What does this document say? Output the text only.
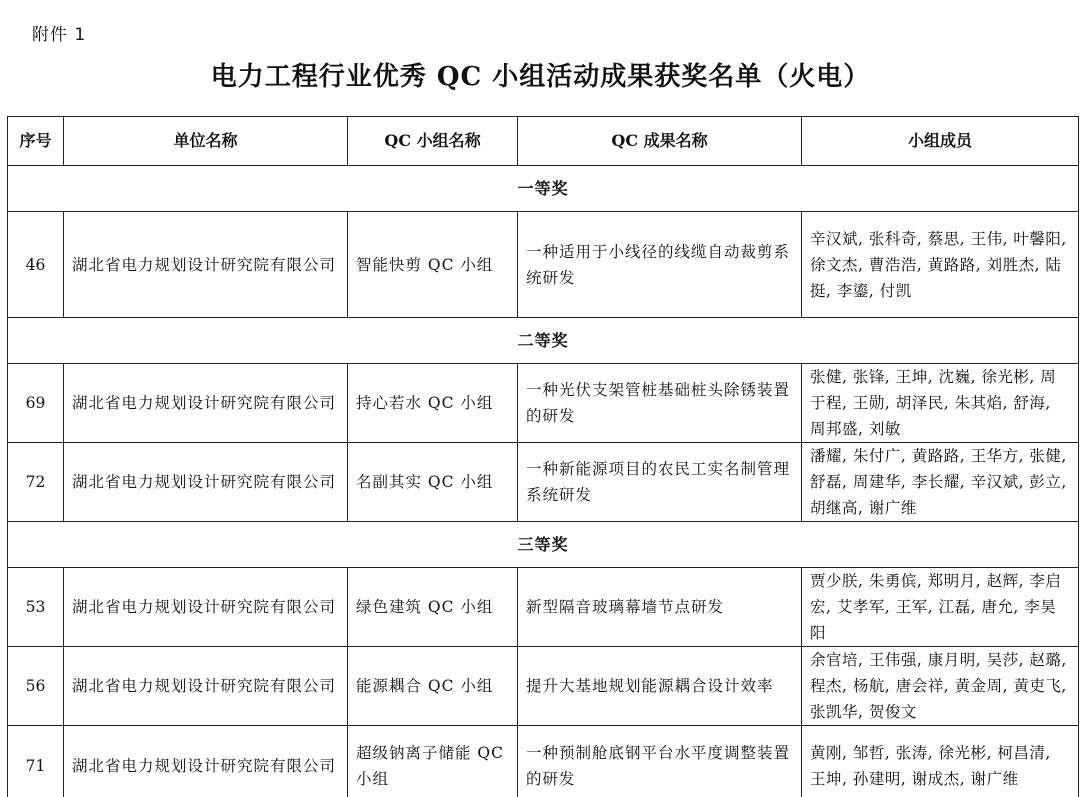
附件 1
电力工程行业优秀 QC 小组活动成果获奖名单（火电）
序号	单位名称	QC 小组名称	QC 成果名称	小组成员
一等奖				
46	湖北省电力规划设计研究院有限公司	智能快剪 QC 小组	一种适用于小线径的线缆自动裁剪系统研发	辛汉斌, 张科奇, 蔡思, 王伟, 叶馨阳, 徐文杰, 曹浩浩, 黄路路, 刘胜杰, 陆挺, 李鎏, 付凯
二等奖				
69	湖北省电力规划设计研究院有限公司	持心若水 QC 小组	一种光伏支架管桩基础桩头除锈装置的研发	张健, 张锋, 王坤, 沈巍, 徐光彬, 周于程, 王勋, 胡泽民, 朱其焰, 舒海, 周邦盛, 刘敏
72	湖北省电力规划设计研究院有限公司	名副其实 QC 小组	一种新能源项目的农民工实名制管理系统研发	潘耀, 朱付广, 黄路路, 王华方, 张健, 舒磊, 周建华, 李长耀, 辛汉斌, 彭立, 胡继高, 谢广维
三等奖				
53	湖北省电力规划设计研究院有限公司	绿色建筑 QC 小组	新型隔音玻璃幕墙节点研发	贾少朕, 朱勇傧, 郑明月, 赵辉, 李启宏, 艾孝军, 王军, 江磊, 唐允, 李昊阳
56	湖北省电力规划设计研究院有限公司	能源耦合 QC 小组	提升大基地规划能源耦合设计效率	余官培, 王伟强, 康月明, 吴莎, 赵璐, 程杰, 杨航, 唐会祥, 黄金周, 黄吏飞, 张凯华, 贺俊文
71	湖北省电力规划设计研究院有限公司	超级钠离子储能 QC 小组	一种预制舱底钢平台水平度调整装置的研发	黄刚, 邹哲, 张涛, 徐光彬, 柯昌清, 王坤, 孙建明, 谢成杰, 谢广维
